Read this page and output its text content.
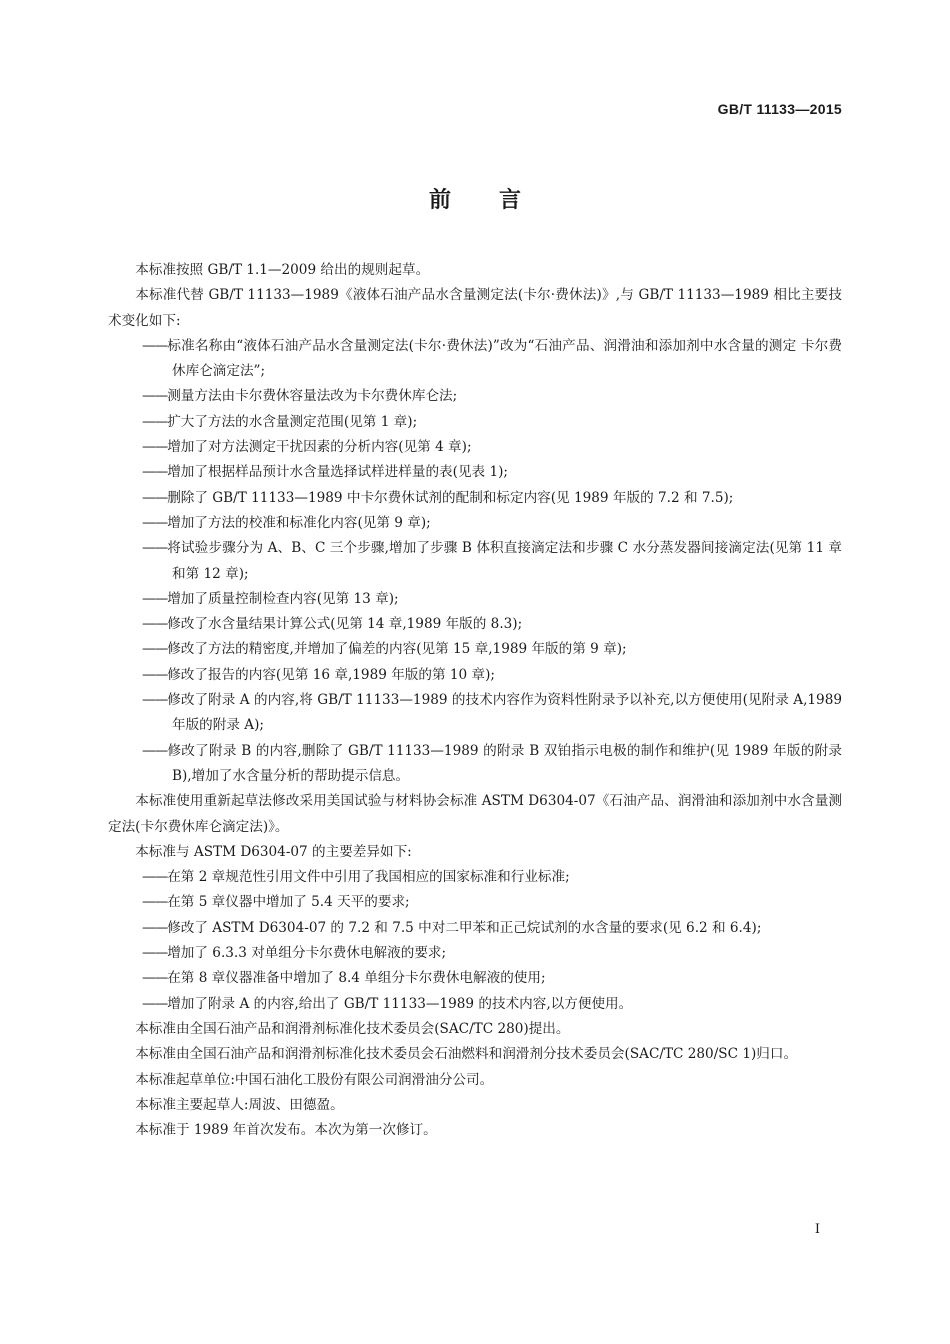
GB/T 11133—2015
前言
本标准按照 GB/T 1.1—2009 给出的规则起草。
本标准代替 GB/T 11133—1989《液体石油产品水含量测定法(卡尔·费休法)》,与 GB/T 11133—1989 相比主要技术变化如下:
——标准名称由“液体石油产品水含量测定法(卡尔·费休法)”改为“石油产品、润滑油和添加剂中水含量的测定 卡尔费休库仑滴定法”;
——测量方法由卡尔费休容量法改为卡尔费休库仑法;
——扩大了方法的水含量测定范围(见第 1 章);
——增加了对方法测定干扰因素的分析内容(见第 4 章);
——增加了根据样品预计水含量选择试样进样量的表(见表 1);
——删除了 GB/T 11133—1989 中卡尔费休试剂的配制和标定内容(见 1989 年版的 7.2 和 7.5);
——增加了方法的校准和标准化内容(见第 9 章);
——将试验步骤分为 A、B、C 三个步骤,增加了步骤 B 体积直接滴定法和步骤 C 水分蒸发器间接滴定法(见第 11 章和第 12 章);
——增加了质量控制检查内容(见第 13 章);
——修改了水含量结果计算公式(见第 14 章,1989 年版的 8.3);
——修改了方法的精密度,并增加了偏差的内容(见第 15 章,1989 年版的第 9 章);
——修改了报告的内容(见第 16 章,1989 年版的第 10 章);
——修改了附录 A 的内容,将 GB/T 11133—1989 的技术内容作为资料性附录予以补充,以方便使用(见附录 A,1989 年版的附录 A);
——修改了附录 B 的内容,删除了 GB/T 11133—1989 的附录 B 双铂指示电极的制作和维护(见 1989 年版的附录 B),增加了水含量分析的帮助提示信息。
本标准使用重新起草法修改采用美国试验与材料协会标准 ASTM D6304-07《石油产品、润滑油和添加剂中水含量测定法(卡尔费休库仑滴定法)》。
本标准与 ASTM D6304-07 的主要差异如下:
——在第 2 章规范性引用文件中引用了我国相应的国家标准和行业标准;
——在第 5 章仪器中增加了 5.4 天平的要求;
——修改了 ASTM D6304-07 的 7.2 和 7.5 中对二甲苯和正己烷试剂的水含量的要求(见 6.2 和 6.4);
——增加了 6.3.3 对单组分卡尔费休电解液的要求;
——在第 8 章仪器准备中增加了 8.4 单组分卡尔费休电解液的使用;
——增加了附录 A 的内容,给出了 GB/T 11133—1989 的技术内容,以方便使用。
本标准由全国石油产品和润滑剂标准化技术委员会(SAC/TC 280)提出。
本标准由全国石油产品和润滑剂标准化技术委员会石油燃料和润滑剂分技术委员会(SAC/TC 280/SC 1)归口。
本标准起草单位:中国石油化工股份有限公司润滑油分公司。
本标准主要起草人:周波、田德盈。
本标准于 1989 年首次发布。本次为第一次修订。
I
